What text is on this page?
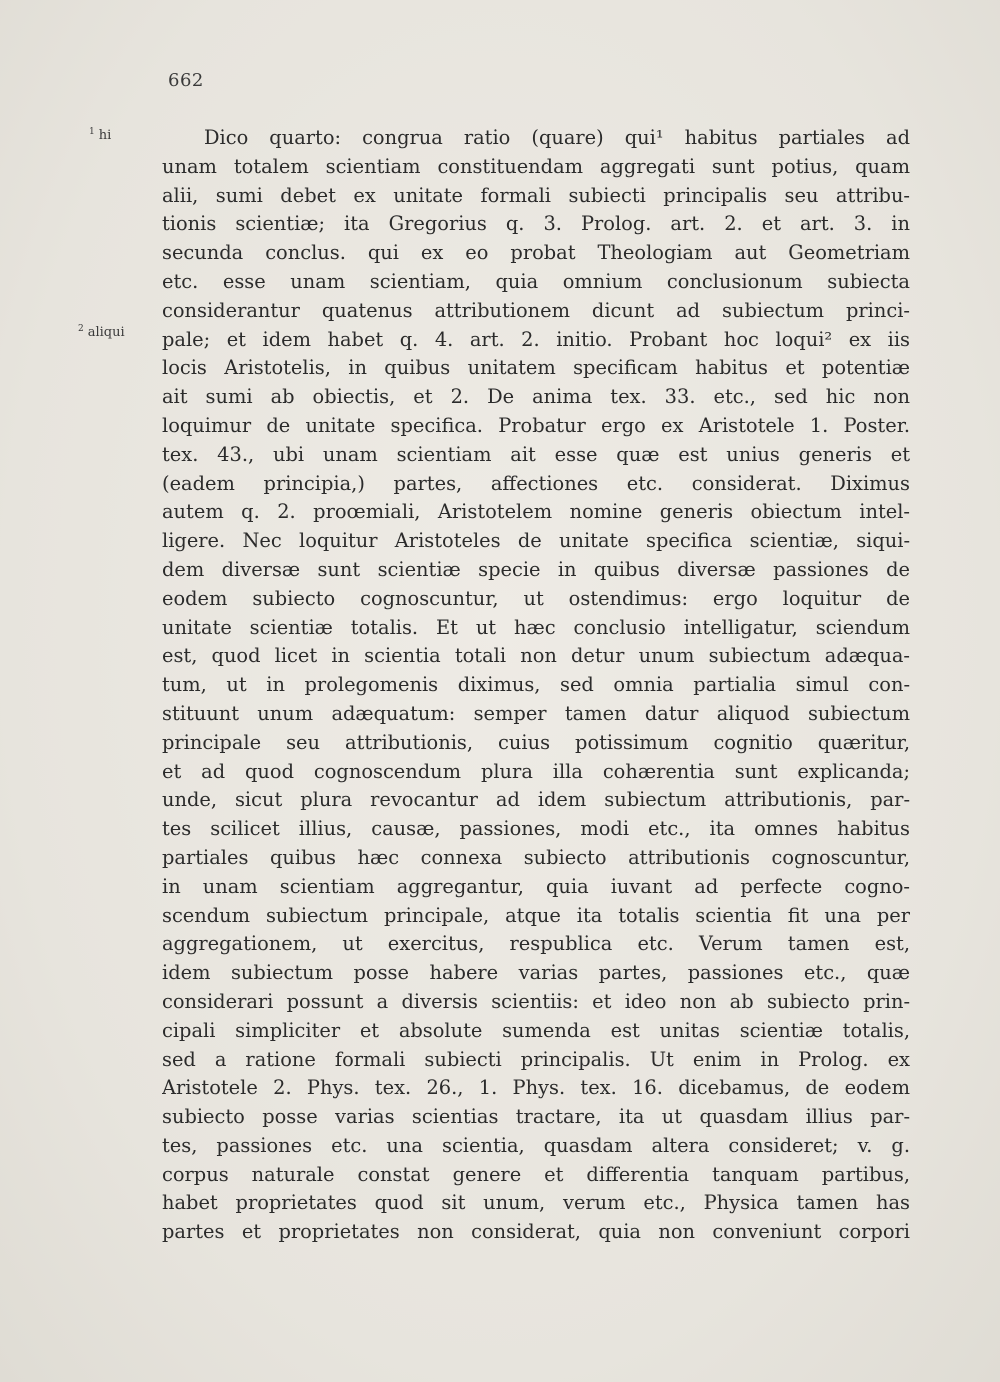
662
$^1$ hi
$^2$ aliqui
Dico quarto: congrua ratio (quare) qui¹ habitus partiales ad
unam totalem scientiam constituendam aggregati sunt potius, quam
alii, sumi debet ex unitate formali subiecti principalis seu attribu-
tionis scientiæ; ita Gregorius q. 3. Prolog. art. 2. et art. 3. in
secunda conclus. qui ex eo probat Theologiam aut Geometriam
etc. esse unam scientiam, quia omnium conclusionum subiecta
considerantur quatenus attributionem dicunt ad subiectum princi-
pale; et idem habet q. 4. art. 2. initio. Probant hoc loqui² ex iis
locis Aristotelis, in quibus unitatem specificam habitus et potentiæ
ait sumi ab obiectis, et 2. De anima tex. 33. etc., sed hic non
loquimur de unitate specifica. Probatur ergo ex Aristotele 1. Poster.
tex. 43., ubi unam scientiam ait esse quæ est unius generis et
(eadem principia,) partes, affectiones etc. considerat. Diximus
autem q. 2. proœmiali, Aristotelem nomine generis obiectum intel-
ligere. Nec loquitur Aristoteles de unitate specifica scientiæ, siqui-
dem diversæ sunt scientiæ specie in quibus diversæ passiones de
eodem subiecto cognoscuntur, ut ostendimus: ergo loquitur de
unitate scientiæ totalis. Et ut hæc conclusio intelligatur, sciendum
est, quod licet in scientia totali non detur unum subiectum adæqua-
tum, ut in prolegomenis diximus, sed omnia partialia simul con-
stituunt unum adæquatum: semper tamen datur aliquod subiectum
principale seu attributionis, cuius potissimum cognitio quæritur,
et ad quod cognoscendum plura illa cohærentia sunt explicanda;
unde, sicut plura revocantur ad idem subiectum attributionis, par-
tes scilicet illius, causæ, passiones, modi etc., ita omnes habitus
partiales quibus hæc connexa subiecto attributionis cognoscuntur,
in unam scientiam aggregantur, quia iuvant ad perfecte cogno-
scendum subiectum principale, atque ita totalis scientia fit una per
aggregationem, ut exercitus, respublica etc. Verum tamen est,
idem subiectum posse habere varias partes, passiones etc., quæ
considerari possunt a diversis scientiis: et ideo non ab subiecto prin-
cipali simpliciter et absolute sumenda est unitas scientiæ totalis,
sed a ratione formali subiecti principalis. Ut enim in Prolog. ex
Aristotele 2. Phys. tex. 26., 1. Phys. tex. 16. dicebamus, de eodem
subiecto posse varias scientias tractare, ita ut quasdam illius par-
tes, passiones etc. una scientia, quasdam altera consideret; v. g.
corpus naturale constat genere et differentia tanquam partibus,
habet proprietates quod sit unum, verum etc., Physica tamen has
partes et proprietates non considerat, quia non conveniunt corpori
